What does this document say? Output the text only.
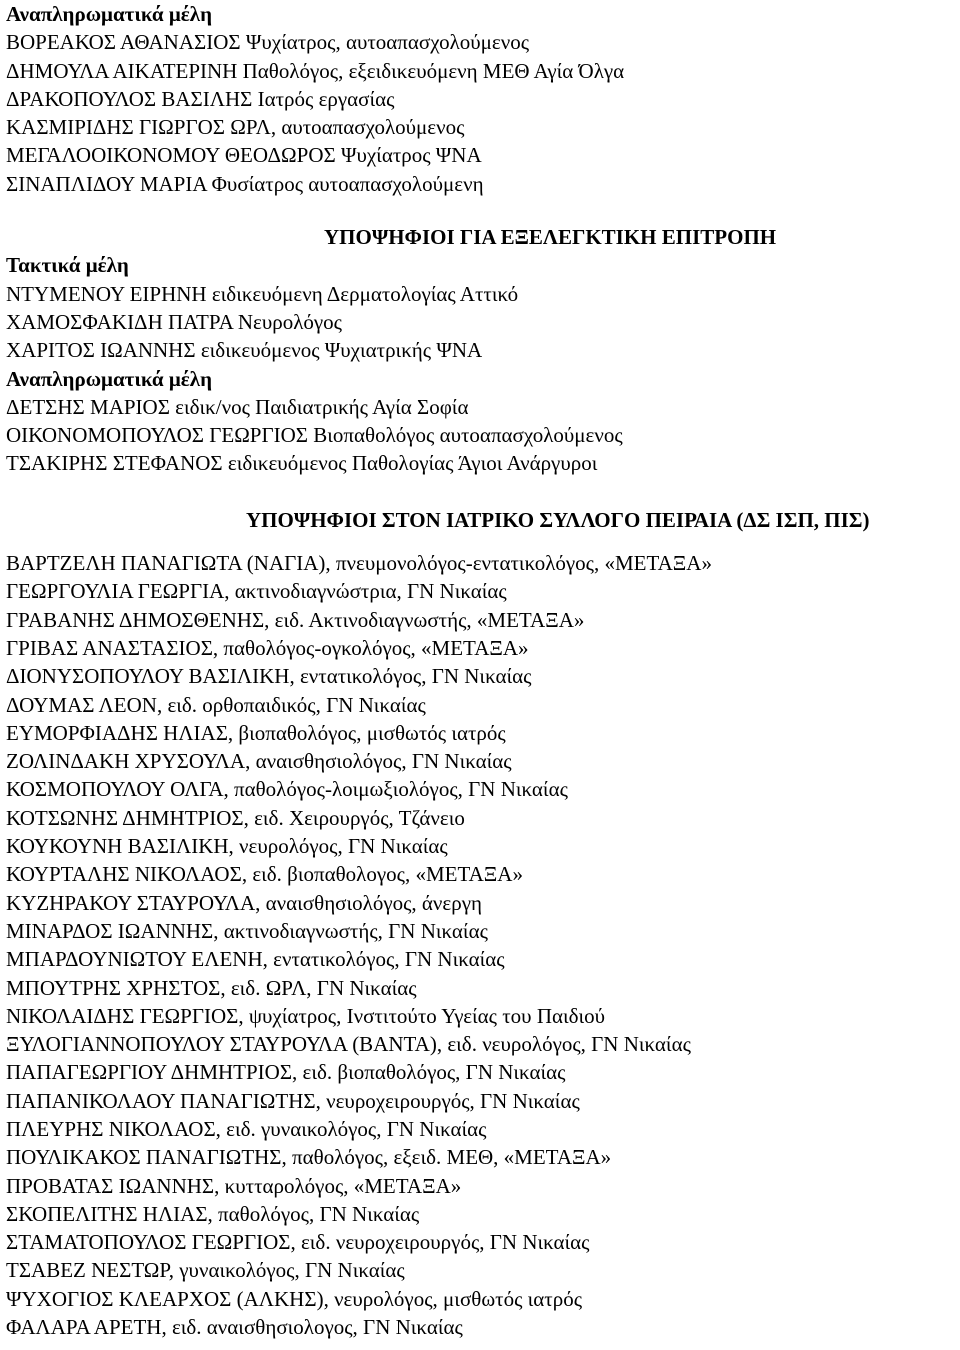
Αναπληρωματικά μέλη
ΒΟΡΕΑΚΟΣ ΑΘΑΝΑΣΙΟΣ Ψυχίατρος, αυτοαπασχολούμενος
ΔΗΜΟΥΛΑ ΑΙΚΑΤΕΡΙΝΗ Παθολόγος, εξειδικευόμενη ΜΕΘ Αγία Όλγα
ΔΡΑΚΟΠΟΥΛΟΣ ΒΑΣΙΛΗΣ Ιατρός εργασίας
ΚΑΣΜΙΡΙΔΗΣ ΓΙΩΡΓΟΣ ΩΡΛ, αυτοαπασχολούμενος
ΜΕΓΑΛΟΟΙΚΟΝΟΜΟΥ ΘΕΟΔΩΡΟΣ Ψυχίατρος ΨΝΑ
ΣΙΝΑΠΛΙΔΟΥ ΜΑΡΙΑ Φυσίατρος αυτοαπασχολούμενη
ΥΠΟΨΗΦΙΟΙ ΓΙΑ ΕΞΕΛΕΓΚΤΙΚΗ ΕΠΙΤΡΟΠΗ
Τακτικά μέλη
ΝΤΥΜΕΝΟΥ ΕΙΡΗΝΗ ειδικευόμενη Δερματολογίας Αττικό
ΧΑΜΟΣΦΑΚΙΔΗ ΠΑΤΡΑ Νευρολόγος
ΧΑΡΙΤΟΣ ΙΩΑΝΝΗΣ ειδικευόμενος Ψυχιατρικής ΨΝΑ
Αναπληρωματικά μέλη
ΔΕΤΣΗΣ ΜΑΡΙΟΣ ειδικ/νος Παιδιατρικής Αγία Σοφία
ΟΙΚΟΝΟΜΟΠΟΥΛΟΣ ΓΕΩΡΓΙΟΣ Βιοπαθολόγος αυτοαπασχολούμενος
ΤΣΑΚΙΡΗΣ ΣΤΕΦΑΝΟΣ ειδικευόμενος Παθολογίας Άγιοι Ανάργυροι
ΥΠΟΨΗΦΙΟΙ ΣΤΟΝ ΙΑΤΡΙΚΟ ΣΥΛΛΟΓΟ ΠΕΙΡΑΙΑ (ΔΣ ΙΣΠ, ΠΙΣ)
ΒΑΡΤΖΕΛΗ ΠΑΝΑΓΙΩΤΑ (ΝΑΓΙΑ), πνευμονολόγος-εντατικολόγος, «ΜΕΤΑΞΑ»
ΓΕΩΡΓΟΥΛΙΑ ΓΕΩΡΓΙΑ, ακτινοδιαγνώστρια, ΓΝ Νικαίας
ΓΡΑΒΑΝΗΣ ΔΗΜΟΣΘΕΝΗΣ, ειδ. Ακτινοδιαγνωστής, «ΜΕΤΑΞΑ»
ΓΡΙΒΑΣ ΑΝΑΣΤΑΣΙΟΣ, παθολόγος-ογκολόγος, «ΜΕΤΑΞΑ»
ΔΙΟΝΥΣΟΠΟΥΛΟΥ ΒΑΣΙΛΙΚΗ, εντατικολόγος, ΓΝ Νικαίας
ΔΟΥΜΑΣ ΛΕΟΝ, ειδ. ορθοπαιδικός, ΓΝ Νικαίας
ΕΥΜΟΡΦΙΑΔΗΣ ΗΛΙΑΣ, βιοπαθολόγος, μισθωτός ιατρός
ΖΟΛΙΝΔΑΚΗ ΧΡΥΣΟΥΛΑ, αναισθησιολόγος, ΓΝ Νικαίας
ΚΟΣΜΟΠΟΥΛΟΥ ΟΛΓΑ, παθολόγος-λοιμωξιολόγος, ΓΝ Νικαίας
ΚΟΤΣΩΝΗΣ ΔΗΜΗΤΡΙΟΣ, ειδ. Χειρουργός, Τζάνειο
ΚΟΥΚΟΥΝΗ ΒΑΣΙΛΙΚΗ, νευρολόγος, ΓΝ Νικαίας
ΚΟΥΡΤΑΛΗΣ ΝΙΚΟΛΑΟΣ, ειδ. βιοπαθολογος, «ΜΕΤΑΞΑ»
ΚΥΖΗΡΑΚΟΥ ΣΤΑΥΡΟΥΛΑ, αναισθησιολόγος, άνεργη
ΜΙΝΑΡΔΟΣ ΙΩΑΝΝΗΣ, ακτινοδιαγνωστής, ΓΝ Νικαίας
ΜΠΑΡΔΟΥΝΙΩΤΟΥ ΕΛΕΝΗ, εντατικολόγος, ΓΝ Νικαίας
ΜΠΟΥΤΡΗΣ ΧΡΗΣΤΟΣ, ειδ. ΩΡΛ, ΓΝ Νικαίας
ΝΙΚΟΛΑΙΔΗΣ ΓΕΩΡΓΙΟΣ, ψυχίατρος, Ινστιτούτο Υγείας του Παιδιού
ΞΥΛΟΓΙΑΝΝΟΠΟΥΛΟΥ ΣΤΑΥΡΟΥΛΑ (ΒΑΝΤΑ), ειδ. νευρολόγος, ΓΝ Νικαίας
ΠΑΠΑΓΕΩΡΓΙΟΥ ΔΗΜΗΤΡΙΟΣ, ειδ. βιοπαθολόγος, ΓΝ Νικαίας
ΠΑΠΑΝΙΚΟΛΑΟΥ ΠΑΝΑΓΙΩΤΗΣ, νευροχειρουργός, ΓΝ Νικαίας
ΠΛΕΥΡΗΣ ΝΙΚΟΛΑΟΣ, ειδ. γυναικολόγος, ΓΝ Νικαίας
ΠΟΥΛΙΚΑΚΟΣ ΠΑΝΑΓΙΩΤΗΣ, παθολόγος, εξειδ. ΜΕΘ, «ΜΕΤΑΞΑ»
ΠΡΟΒΑΤΑΣ ΙΩΑΝΝΗΣ, κυτταρολόγος, «ΜΕΤΑΞΑ»
ΣΚΟΠΕΛΙΤΗΣ ΗΛΙΑΣ, παθολόγος, ΓΝ Νικαίας
ΣΤΑΜΑΤΟΠΟΥΛΟΣ ΓΕΩΡΓΙΟΣ, ειδ. νευροχειρουργός, ΓΝ Νικαίας
ΤΣΑΒΕΖ ΝΕΣΤΩΡ, γυναικολόγος, ΓΝ Νικαίας
ΨΥΧΟΓΙΟΣ ΚΛΕΑΡΧΟΣ (ΑΛΚΗΣ), νευρολόγος, μισθωτός ιατρός
ΦΑΛΑΡΑ ΑΡΕΤΗ, ειδ. αναισθησιολογος, ΓΝ Νικαίας
